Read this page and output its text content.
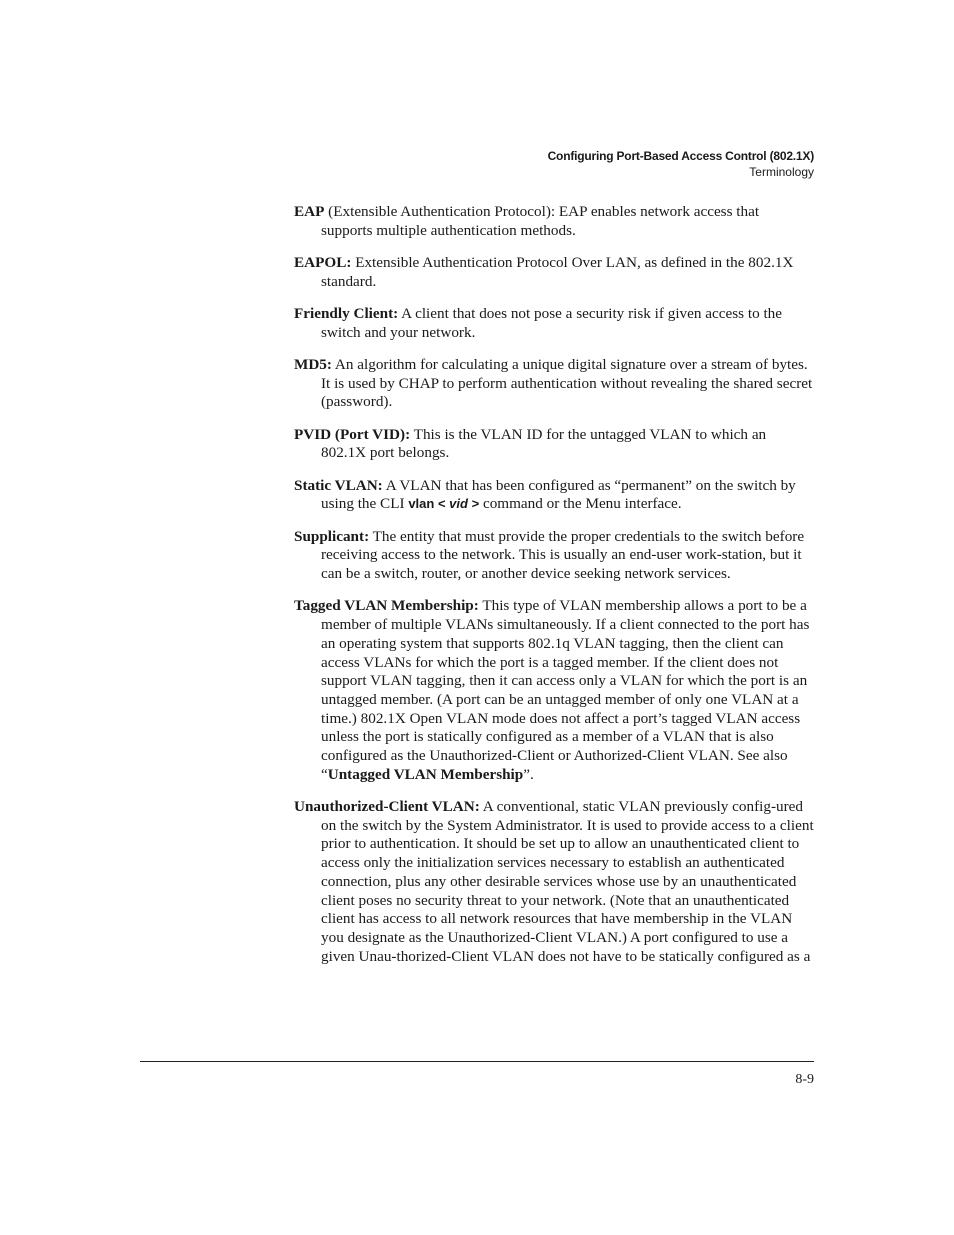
Configuring Port-Based Access Control (802.1X)
Terminology

EAP (Extensible Authentication Protocol): EAP enables network access that supports multiple authentication methods.

EAPOL: Extensible Authentication Protocol Over LAN, as defined in the 802.1X standard.

Friendly Client: A client that does not pose a security risk if given access to the switch and your network.

MD5: An algorithm for calculating a unique digital signature over a stream of bytes. It is used by CHAP to perform authentication without revealing the shared secret (password).

PVID (Port VID): This is the VLAN ID for the untagged VLAN to which an 802.1X port belongs.

Static VLAN: A VLAN that has been configured as “permanent” on the switch by using the CLI vlan < vid > command or the Menu interface.

Supplicant: The entity that must provide the proper credentials to the switch before receiving access to the network. This is usually an end-user work-station, but it can be a switch, router, or another device seeking network services.

Tagged VLAN Membership: This type of VLAN membership allows a port to be a member of multiple VLANs simultaneously. If a client connected to the port has an operating system that supports 802.1q VLAN tagging, then the client can access VLANs for which the port is a tagged member. If the client does not support VLAN tagging, then it can access only a VLAN for which the port is an untagged member. (A port can be an untagged member of only one VLAN at a time.) 802.1X Open VLAN mode does not affect a port’s tagged VLAN access unless the port is statically configured as a member of a VLAN that is also configured as the Unauthorized-Client or Authorized-Client VLAN. See also “Untagged VLAN Membership”.

Unauthorized-Client VLAN: A conventional, static VLAN previously config-ured on the switch by the System Administrator. It is used to provide access to a client prior to authentication. It should be set up to allow an unauthenticated client to access only the initialization services necessary to establish an authenticated connection, plus any other desirable services whose use by an unauthenticated client poses no security threat to your network. (Note that an unauthenticated client has access to all network resources that have membership in the VLAN you designate as the Unauthorized-Client VLAN.) A port configured to use a given Unau-thorized-Client VLAN does not have to be statically configured as a

8-9
